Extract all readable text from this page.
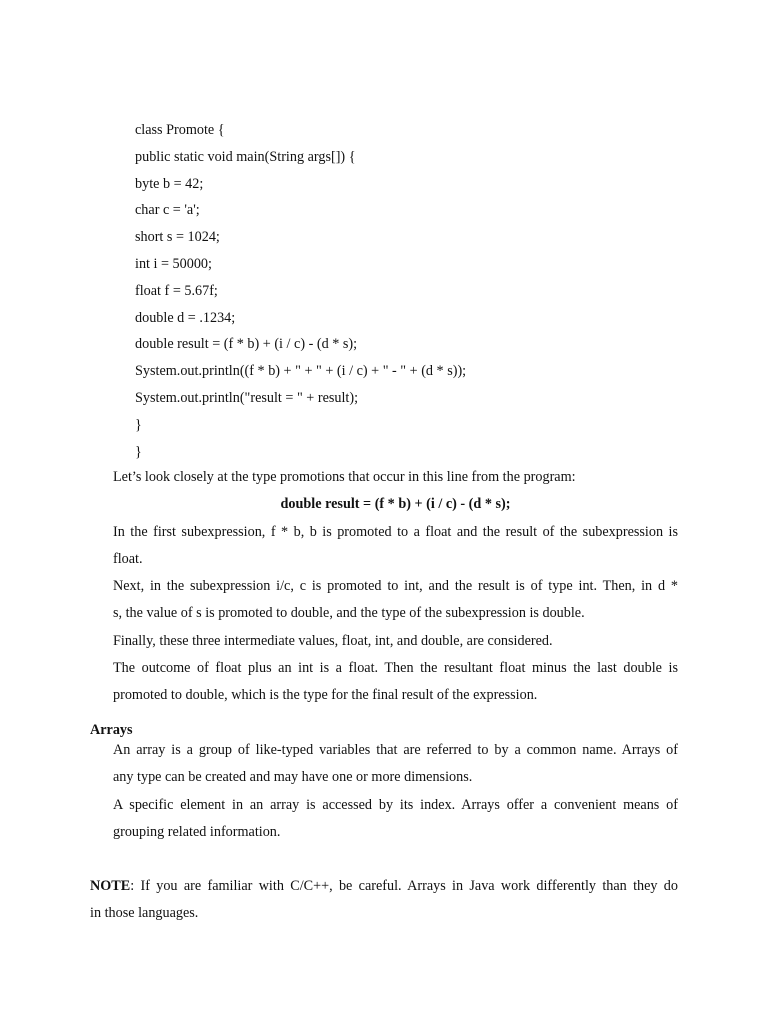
class Promote {
public static void main(String args[]) {
byte b = 42;
char c = 'a';
short s = 1024;
int i = 50000;
float f = 5.67f;
double d = .1234;
double result = (f * b) + (i / c) - (d * s);
System.out.println((f * b) + " + " + (i / c) + " - " + (d * s));
System.out.println("result = " + result);
}
}
Let’s look closely at the type promotions that occur in this line from the program:
double result = (f * b) + (i / c) - (d * s);
In the first subexpression, f * b, b is promoted to a float and the result of the subexpression is
float.
Next, in the subexpression i/c, c is promoted to int, and the result is of type int. Then, in d *
s, the value of s is promoted to double, and the type of the subexpression is double.
Finally, these three intermediate values, float, int, and double, are considered.
The outcome of float plus an int is a float. Then the resultant float minus the last double is
promoted to double, which is the type for the final result of the expression.
Arrays
An array is a group of like-typed variables that are referred to by a common name. Arrays of
any type can be created and may have one or more dimensions.
A specific element in an array is accessed by its index. Arrays offer a convenient means of
grouping related information.
NOTE: If you are familiar with C/C++, be careful. Arrays in Java work differently than they do
in those languages.
